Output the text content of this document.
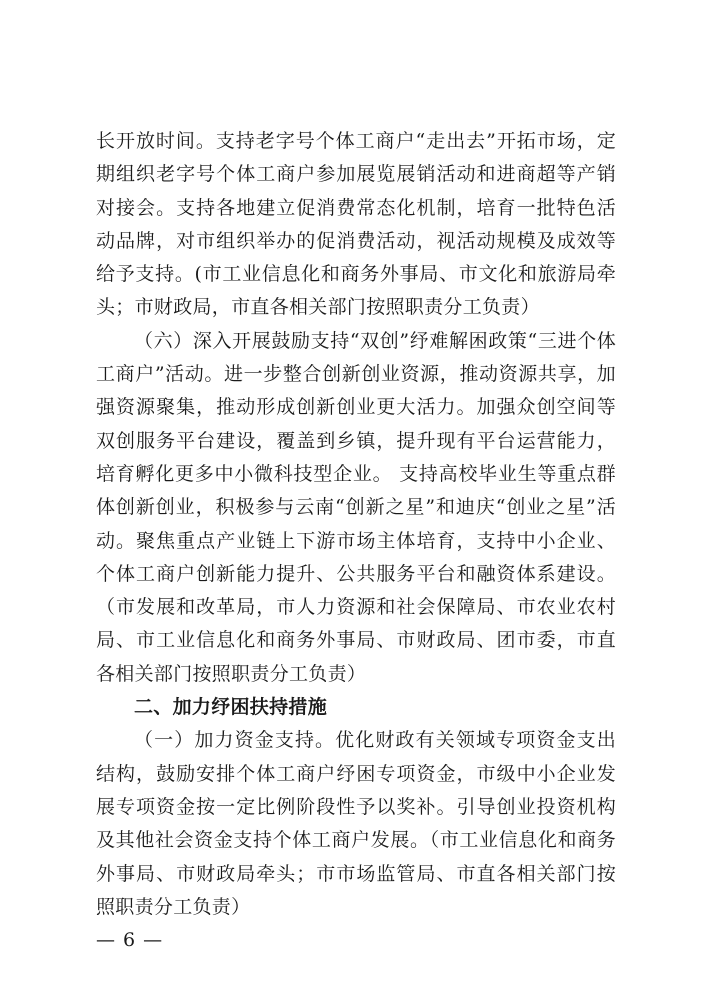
长开放时间。支持老字号个体工商户“走出去”开拓市场，定期组织老字号个体工商户参加展览展销活动和进商超等产销对接会。支持各地建立促消费常态化机制，培育一批特色活动品牌，对市组织举办的促消费活动，视活动规模及成效等给予支持。(市工业信息化和商务外事局、市文化和旅游局牵头；市财政局，市直各相关部门按照职责分工负责）

（六）深入开展鼓励支持“双创”纾难解困政策“三进个体工商户”活动。进一步整合创新创业资源，推动资源共享，加强资源聚集，推动形成创新创业更大活力。加强众创空间等双创服务平台建设，覆盖到乡镇，提升现有平台运营能力，培育孵化更多中小微科技型企业。 支持高校毕业生等重点群体创新创业，积极参与云南“创新之星”和迪庆“创业之星”活动。聚焦重点产业链上下游市场主体培育，支持中小企业、个体工商户创新能力提升、公共服务平台和融资体系建设。（市发展和改革局，市人力资源和社会保障局、市农业农村局、市工业信息化和商务外事局、市财政局、团市委，市直各相关部门按照职责分工负责）

二、加力纾困扶持措施

（一）加力资金支持。优化财政有关领域专项资金支出结构，鼓励安排个体工商户纾困专项资金，市级中小企业发展专项资金按一定比例阶段性予以奖补。引导创业投资机构及其他社会资金支持个体工商户发展。（市工业信息化和商务外事局、市财政局牵头；市市场监管局、市直各相关部门按照职责分工负责）

— 6 —
